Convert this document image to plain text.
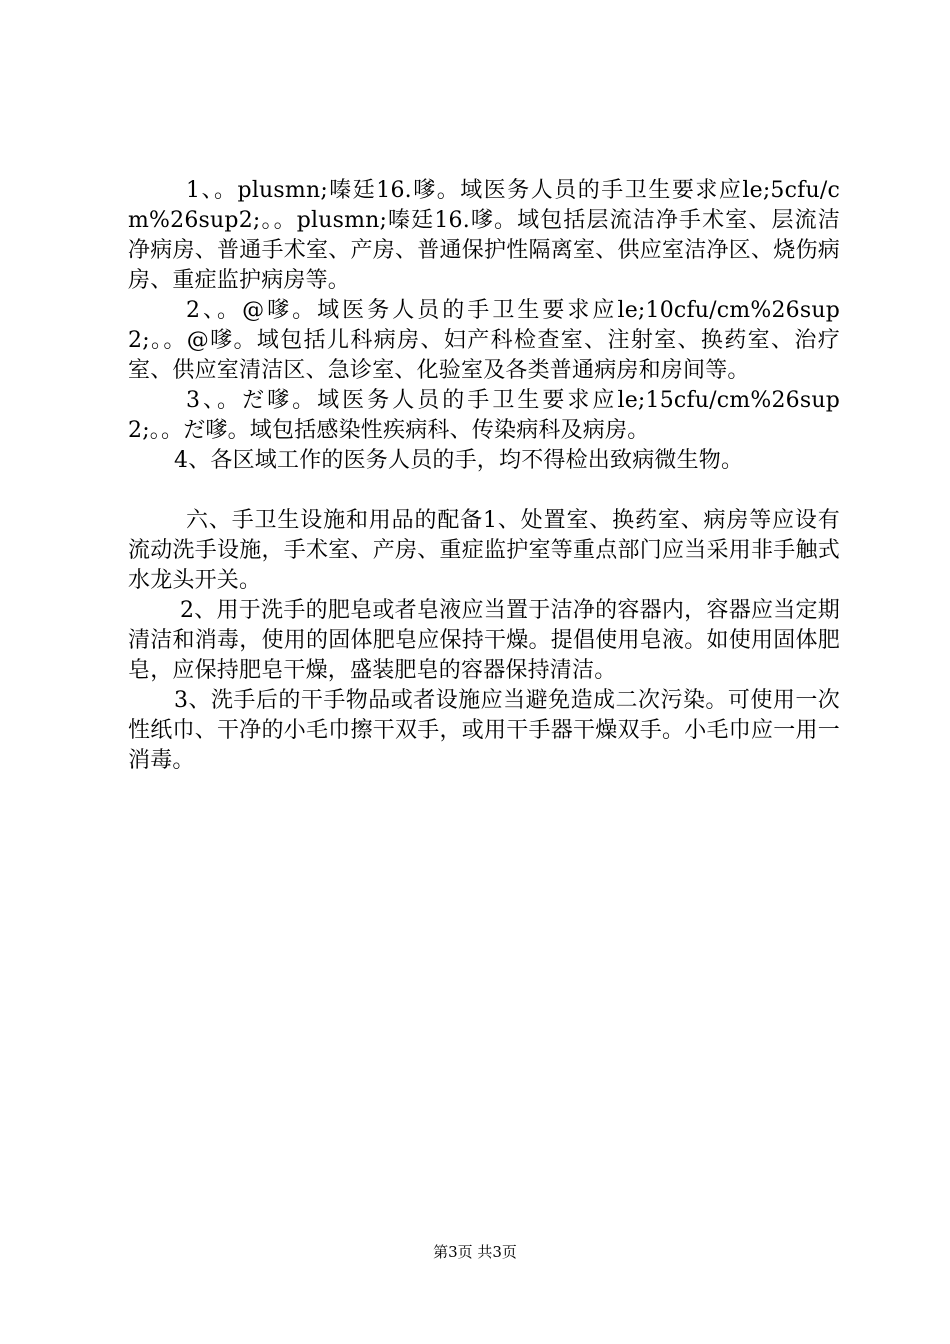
1、。plusmn;嗪廷16.嗲。域医务人员的手卫生要求应le;5cfu/cm%26sup2;。。plusmn;嗪廷16.嗲。域包括层流洁净手术室、层流洁净病房、普通手术室、产房、普通保护性隔离室、供应室洁净区、烧伤病房、重症监护病房等。

2、。@嗲。域医务人员的手卫生要求应le;10cfu/cm%26sup2;。。@嗲。域包括儿科病房、妇产科检查室、注射室、换药室、治疗室、供应室清洁区、急诊室、化验室及各类普通病房和房间等。

3、。だ嗲。域医务人员的手卫生要求应le;15cfu/cm%26sup2;。。だ嗲。域包括感染性疾病科、传染病科及病房。

4、各区域工作的医务人员的手，均不得检出致病微生物。

六、手卫生设施和用品的配备1、处置室、换药室、病房等应设有流动洗手设施，手术室、产房、重症监护室等重点部门应当采用非手触式水龙头开关。

2、用于洗手的肥皂或者皂液应当置于洁净的容器内，容器应当定期清洁和消毒，使用的固体肥皂应保持干燥。提倡使用皂液。如使用固体肥皂，应保持肥皂干燥，盛装肥皂的容器保持清洁。

3、洗手后的干手物品或者设施应当避免造成二次污染。可使用一次性纸巾、干净的小毛巾擦干双手，或用干手器干燥双手。小毛巾应一用一消毒。

第3页 共3页
